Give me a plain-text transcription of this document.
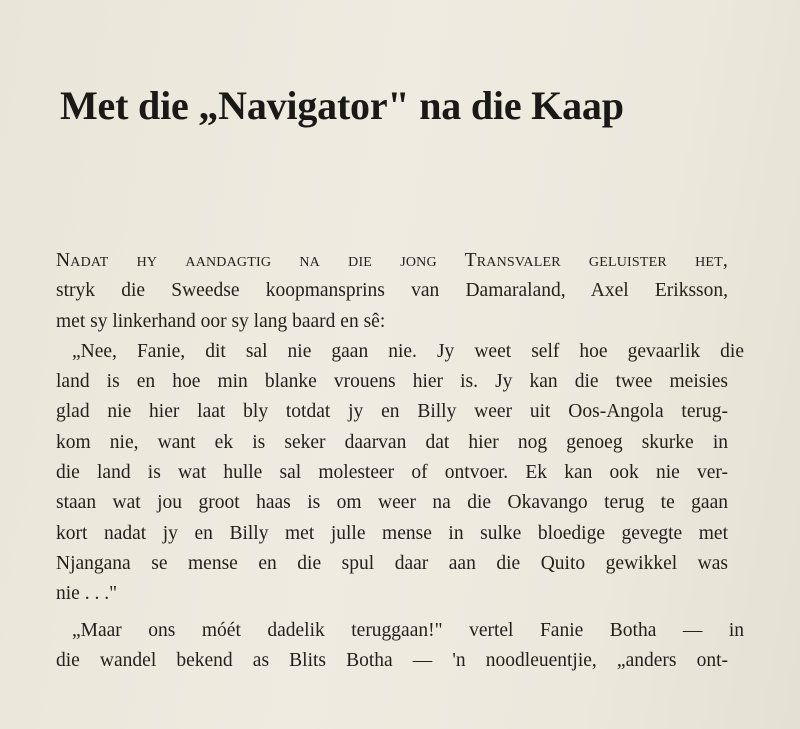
Met die „Navigator" na die Kaap
Nadat hy aandagtig na die jong Transvaler geluister het,
stryk die Sweedse koopmansprins van Damaraland, Axel Eriksson,
met sy linkerhand oor sy lang baard en sê:
„Nee, Fanie, dit sal nie gaan nie. Jy weet self hoe gevaarlik die
land is en hoe min blanke vrouens hier is. Jy kan die twee meisies
glad nie hier laat bly totdat jy en Billy weer uit Oos-Angola terug-
kom nie, want ek is seker daarvan dat hier nog genoeg skurke in
die land is wat hulle sal molesteer of ontvoer. Ek kan ook nie ver-
staan wat jou groot haas is om weer na die Okavango terug te gaan
kort nadat jy en Billy met julle mense in sulke bloedige gevegte met
Njangana se mense en die spul daar aan die Quito gewikkel was
nie . . ."
„Maar ons móét dadelik teruggaan!" vertel Fanie Botha — in
die wandel bekend as Blits Botha — 'n noodleuentjie, „anders ont-
